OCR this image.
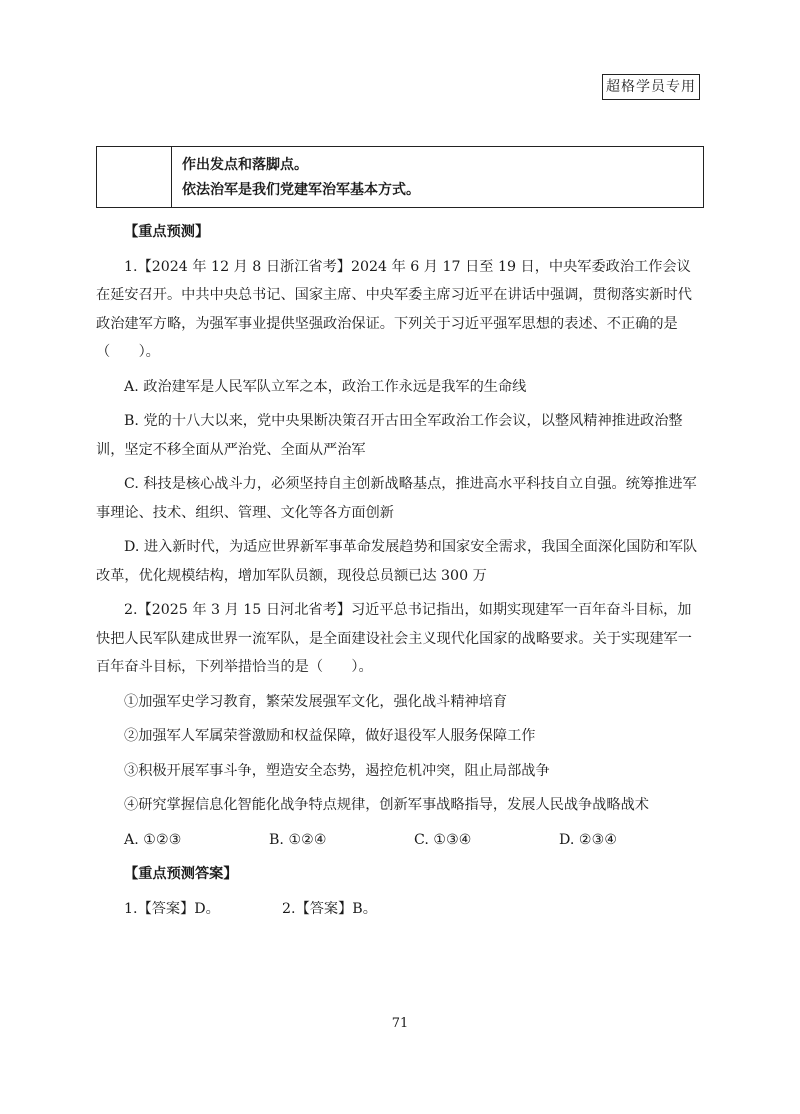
超格学员专用

作出发点和落脚点。

依法治军是我们党建军治军基本方式。

【重点预测】

1.【2024 年 12 月 8 日浙江省考】2024 年 6 月 17 日至 19 日，中央军委政治工作会议在延安召开。中共中央总书记、国家主席、中央军委主席习近平在讲话中强调，贯彻落实新时代政治建军方略，为强军事业提供坚强政治保证。下列关于习近平强军思想的表述、不正确的是（　　）。

A. 政治建军是人民军队立军之本，政治工作永远是我军的生命线

B. 党的十八大以来，党中央果断决策召开古田全军政治工作会议，以整风精神推进政治整训，坚定不移全面从严治党、全面从严治军

C. 科技是核心战斗力，必须坚持自主创新战略基点，推进高水平科技自立自强。统筹推进军事理论、技术、组织、管理、文化等各方面创新

D. 进入新时代，为适应世界新军事革命发展趋势和国家安全需求，我国全面深化国防和军队改革，优化规模结构，增加军队员额，现役总员额已达 300 万

2.【2025 年 3 月 15 日河北省考】习近平总书记指出，如期实现建军一百年奋斗目标，加快把人民军队建成世界一流军队，是全面建设社会主义现代化国家的战略要求。关于实现建军一百年奋斗目标，下列举措恰当的是（　　）。

①加强军史学习教育，繁荣发展强军文化，强化战斗精神培育

②加强军人军属荣誉激励和权益保障，做好退役军人服务保障工作

③积极开展军事斗争，塑造安全态势，遏控危机冲突，阻止局部战争

④研究掌握信息化智能化战争特点规律，创新军事战略指导，发展人民战争战略战术

A. ①②③	B. ①②④	C. ①③④	D. ②③④

【重点预测答案】

1.【答案】D。	2.【答案】B。
71
